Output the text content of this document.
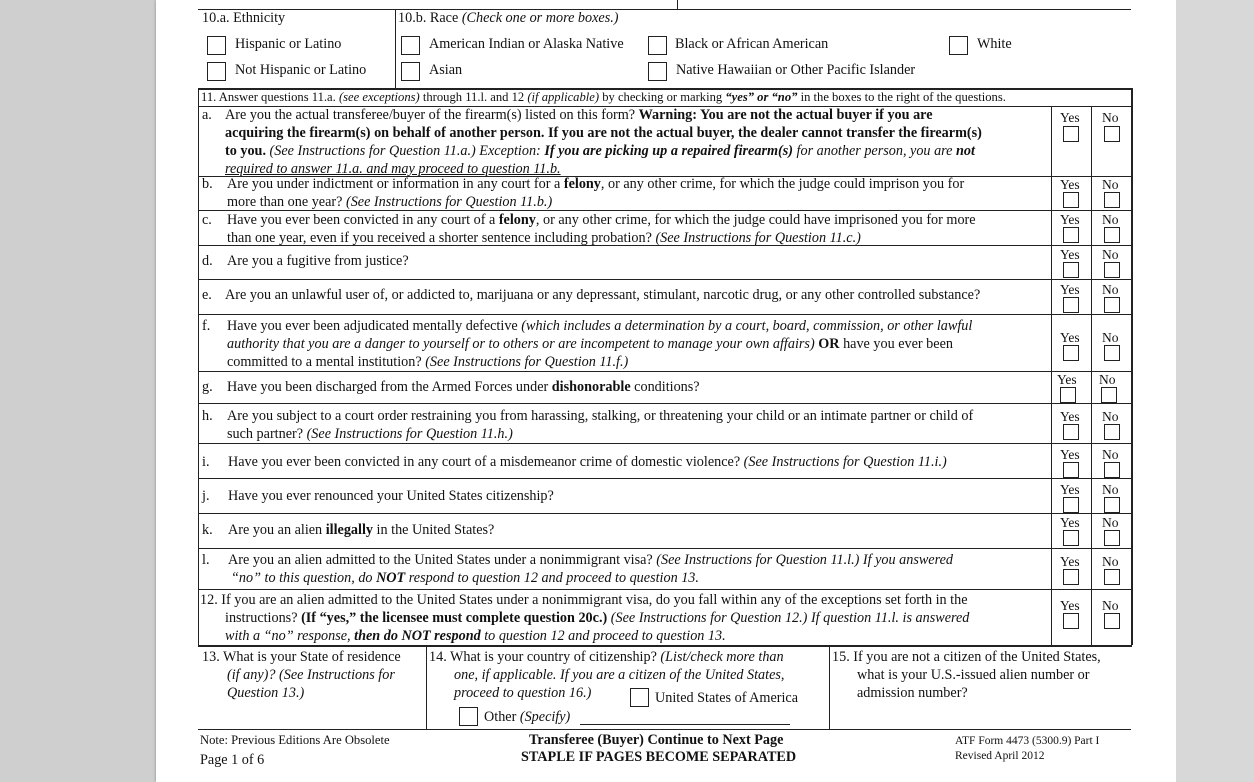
10.a. Ethnicity
Hispanic or Latino
Not Hispanic or Latino
10.b. Race (Check one or more boxes.)
American Indian or Alaska Native	Black or African American	White
Asian	Native Hawaiian or Other Pacific Islander
11. Answer questions 11.a. (see exceptions) through 11.l. and 12 (if applicable) by checking or marking “yes” or “no” in the boxes to the right of the questions.
a. Are you the actual transferee/buyer of the firearm(s) listed on this form? Warning: You are not the actual buyer if you are
acquiring the firearm(s) on behalf of another person. If you are not the actual buyer, the dealer cannot transfer the firearm(s)
to you. (See Instructions for Question 11.a.) Exception: If you are picking up a repaired firearm(s) for another person, you are not
required to answer 11.a. and may proceed to question 11.b.
Yes No
b. Are you under indictment or information in any court for a felony, or any other crime, for which the judge could imprison you for
more than one year? (See Instructions for Question 11.b.)
Yes No
c. Have you ever been convicted in any court of a felony, or any other crime, for which the judge could have imprisoned you for more
than one year, even if you received a shorter sentence including probation? (See Instructions for Question 11.c.)
Yes No
d. Are you a fugitive from justice?	Yes No
e. Are you an unlawful user of, or addicted to, marijuana or any depressant, stimulant, narcotic drug, or any other controlled substance?	Yes No
f. Have you ever been adjudicated mentally defective (which includes a determination by a court, board, commission, or other lawful
authority that you are a danger to yourself or to others or are incompetent to manage your own affairs) OR have you ever been
committed to a mental institution? (See Instructions for Question 11.f.)
Yes No
g. Have you been discharged from the Armed Forces under dishonorable conditions?	Yes No
h. Are you subject to a court order restraining you from harassing, stalking, or threatening your child or an intimate partner or child of
such partner? (See Instructions for Question 11.h.)
Yes No
i. Have you ever been convicted in any court of a misdemeanor crime of domestic violence? (See Instructions for Question 11.i.)	Yes No
j. Have you ever renounced your United States citizenship?	Yes No
k. Are you an alien illegally in the United States?	Yes No
l. Are you an alien admitted to the United States under a nonimmigrant visa? (See Instructions for Question 11.l.) If you answered
“no” to this question, do NOT respond to question 12 and proceed to question 13.
Yes No
12. If you are an alien admitted to the United States under a nonimmigrant visa, do you fall within any of the exceptions set forth in the
instructions? (If “yes,” the licensee must complete question 20c.) (See Instructions for Question 12.) If question 11.l. is answered
with a “no” response, then do NOT respond to question 12 and proceed to question 13.
Yes No
13. What is your State of residence
(if any)? (See Instructions for
Question 13.)
14. What is your country of citizenship? (List/check more than
one, if applicable. If you are a citizen of the United States,
proceed to question 16.)	United States of America
Other (Specify)
15. If you are not a citizen of the United States,
what is your U.S.-issued alien number or
admission number?
Note: Previous Editions Are Obsolete
Page 1 of 6
Transferee (Buyer) Continue to Next Page
STAPLE IF PAGES BECOME SEPARATED
ATF Form 4473 (5300.9) Part I
Revised April 2012
